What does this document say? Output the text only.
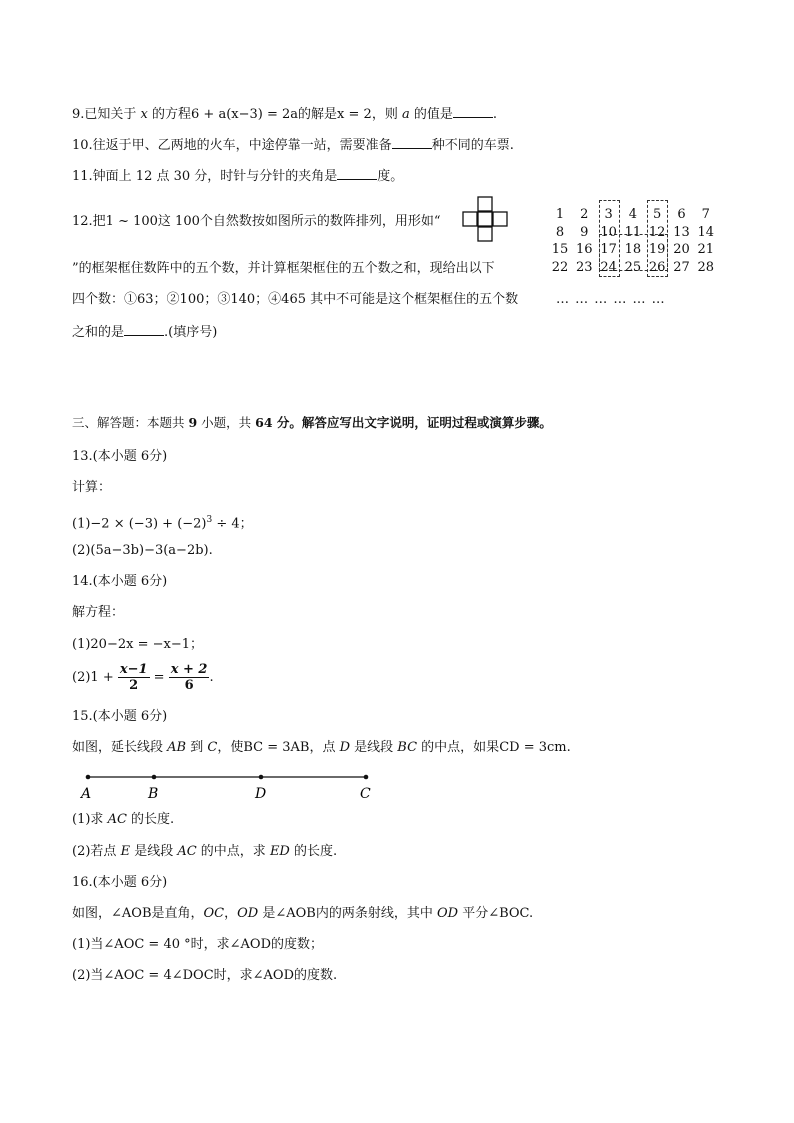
9.已知关于 x 的方程6 + a(x−3) = 2a的解是x = 2，则 a 的值是	.
10.往返于甲、乙两地的火车，中途停靠一站，需要准备	种不同的车票.
11.钟面上 12 点 30 分，时针与分针的夹角是	度。
12.把1 ~ 100这 100个自然数按如图所示的数阵排列，用形如“
”的框架框住数阵中的五个数，并计算框架框住的五个数之和，现给出以下
四个数：①63；②100；③140；④465 其中不可能是这个框架框住的五个数
之和的是	.(填序号)
1	2	3	4	5	6	7
8	9 10 11 12 13 14
15 16 17 18 19 20 21
22 23 24 25 26 27 28
… … … … … …
三、解答题：本题共 9 小题，共 64 分。解答应写出文字说明，证明过程或演算步骤。
13.(本小题 6分)
计算：
$(1)-2 \times (-3) + (-2)^3 \div 4$；
(2)(5a−3b)−3(a−2b).
14.(本小题 6分)
解方程：
(1)20−2x = −x−1；
$(2)1 + \frac{x-1}{2} = \frac{x + 2}{6}$ .
15.(本小题 6分)
如图，延长线段 AB 到 C，使BC = 3AB，点 D 是线段 BC 的中点，如果CD = 3cm.
A	B	D	C
(1)求 AC 的长度.
(2)若点 E 是线段 AC 的中点，求 ED 的长度.
16.(本小题 6分)
如图，∠AOB是直角，OC，OD 是∠AOB内的两条射线，其中 OD 平分∠BOC.
(1)当∠AOC = 40 °时，求∠AOD的度数；
(2)当∠AOC = 4∠DOC时，求∠AOD的度数.
